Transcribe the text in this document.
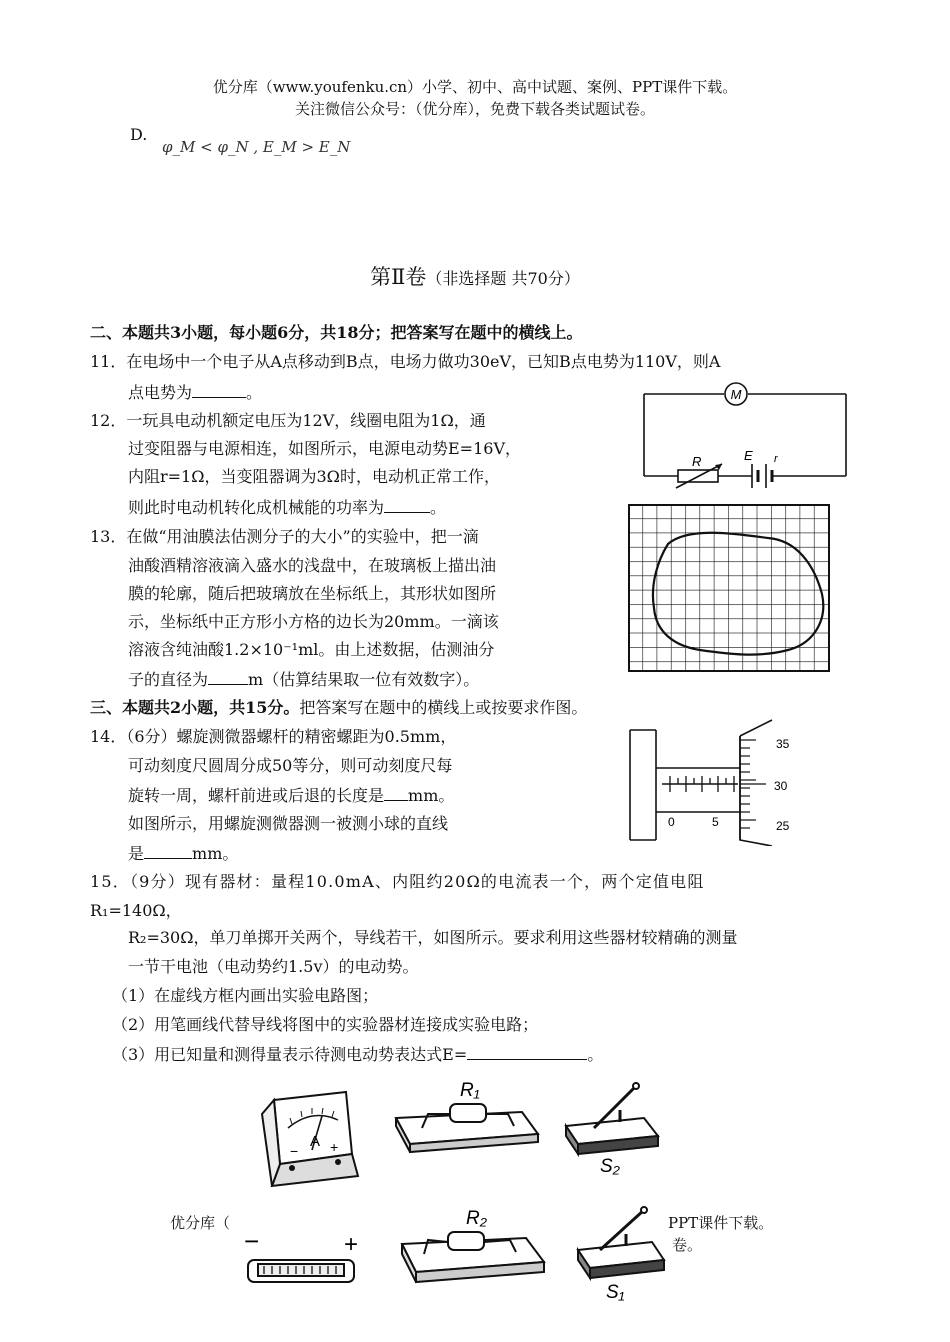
优分库（www.youfenku.cn）小学、初中、高中试题、案例、PPT课件下载。
关注微信公众号：（优分库），免费下载各类试题试卷。
D.
φ_M < φ_N , E_M > E_N
第Ⅱ卷（非选择题 共70分）
二、本题共3小题，每小题6分，共18分；把答案写在题中的横线上。
11．在电场中一个电子从A点移动到B点，电场力做功30eV，已知B点电势为110V，则A
点电势为	。
12．一玩具电动机额定电压为12V，线圈电阻为1Ω，通
过变阻器与电源相连，如图所示，电源电动势E=16V，
内阻r=1Ω，当变阻器调为3Ω时，电动机正常工作，
则此时电动机转化成机械能的功率为	。
M
R	E r
13．在做“用油膜法估测分子的大小”的实验中，把一滴
油酸酒精溶液滴入盛水的浅盘中，在玻璃板上描出油
膜的轮廓，随后把玻璃放在坐标纸上，其形状如图所
示，坐标纸中正方形小方格的边长为20mm。一滴该
溶液含纯油酸1.2×10⁻¹ml。由上述数据，估测油分
子的直径为	m（估算结果取一位有效数字）。
三、本题共2小题，共15分。把答案写在题中的横线上或按要求作图。
14．（6分）螺旋测微器螺杆的精密螺距为0.5mm，
可动刻度尺圆周分成50等分，则可动刻度尺每
旋转一周，螺杆前进或后退的长度是 mm。
如图所示，用螺旋测微器测一被测小球的直线
是	mm。
0	5
35
30
25
15．（9分）现有器材：量程10.0mA、内阻约20Ω的电流表一个，两个定值电阻
R₁=140Ω，
R₂=30Ω，单刀单掷开关两个，导线若干，如图所示。要求利用这些器材较精确的测量
一节干电池（电动势约1.5v）的电动势。
（1）在虚线方框内画出实验电路图；
（2）用笔画线代替导线将图中的实验器材连接成实验电路；
（3）用已知量和测得量表示待测电动势表达式E=	。
优分库（	PPT课件下载。
卷。
−
A +
R₁
S₂
−	+
R₂
S₁
